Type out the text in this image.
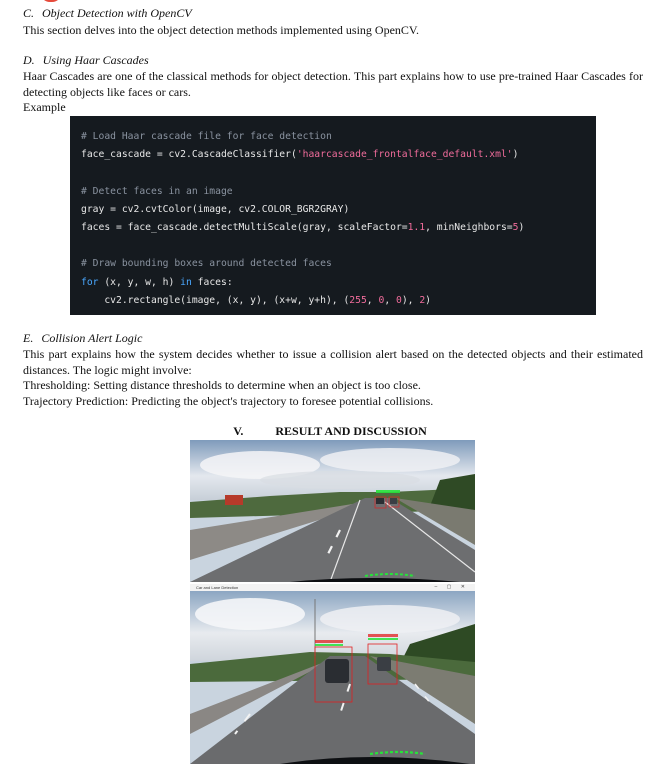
C. Object Detection with OpenCV

This section delves into the object detection methods implemented using OpenCV.

D. Using Haar Cascades

Haar Cascades are one of the classical methods for object detection. This part explains how to use pre-trained Haar Cascades for detecting objects like faces or cars.

Example

# Load Haar cascade file for face detection
face_cascade = cv2.CascadeClassifier('haarcascade_frontalface_default.xml')
# Detect faces in an image
gray = cv2.cvtColor(image, cv2.COLOR_BGR2GRAY)
faces = face_cascade.detectMultiScale(gray, scaleFactor=1.1, minNeighbors=5)
# Draw bounding boxes around detected faces
for (x, y, w, h) in faces:
cv2.rectangle(image, (x, y), (x+w, y+h), (255, 0, 0), 2)
E. Collision Alert Logic

This part explains how the system decides whether to issue a collision alert based on the detected objects and their estimated distances. The logic might involve:

Thresholding: Setting distance thresholds to determine when an object is too close.

Trajectory Prediction: Predicting the object's trajectory to foresee potential collisions.

V.	RESULT AND DISCUSSION
Car and Lane Detection	– ▢ ✕
